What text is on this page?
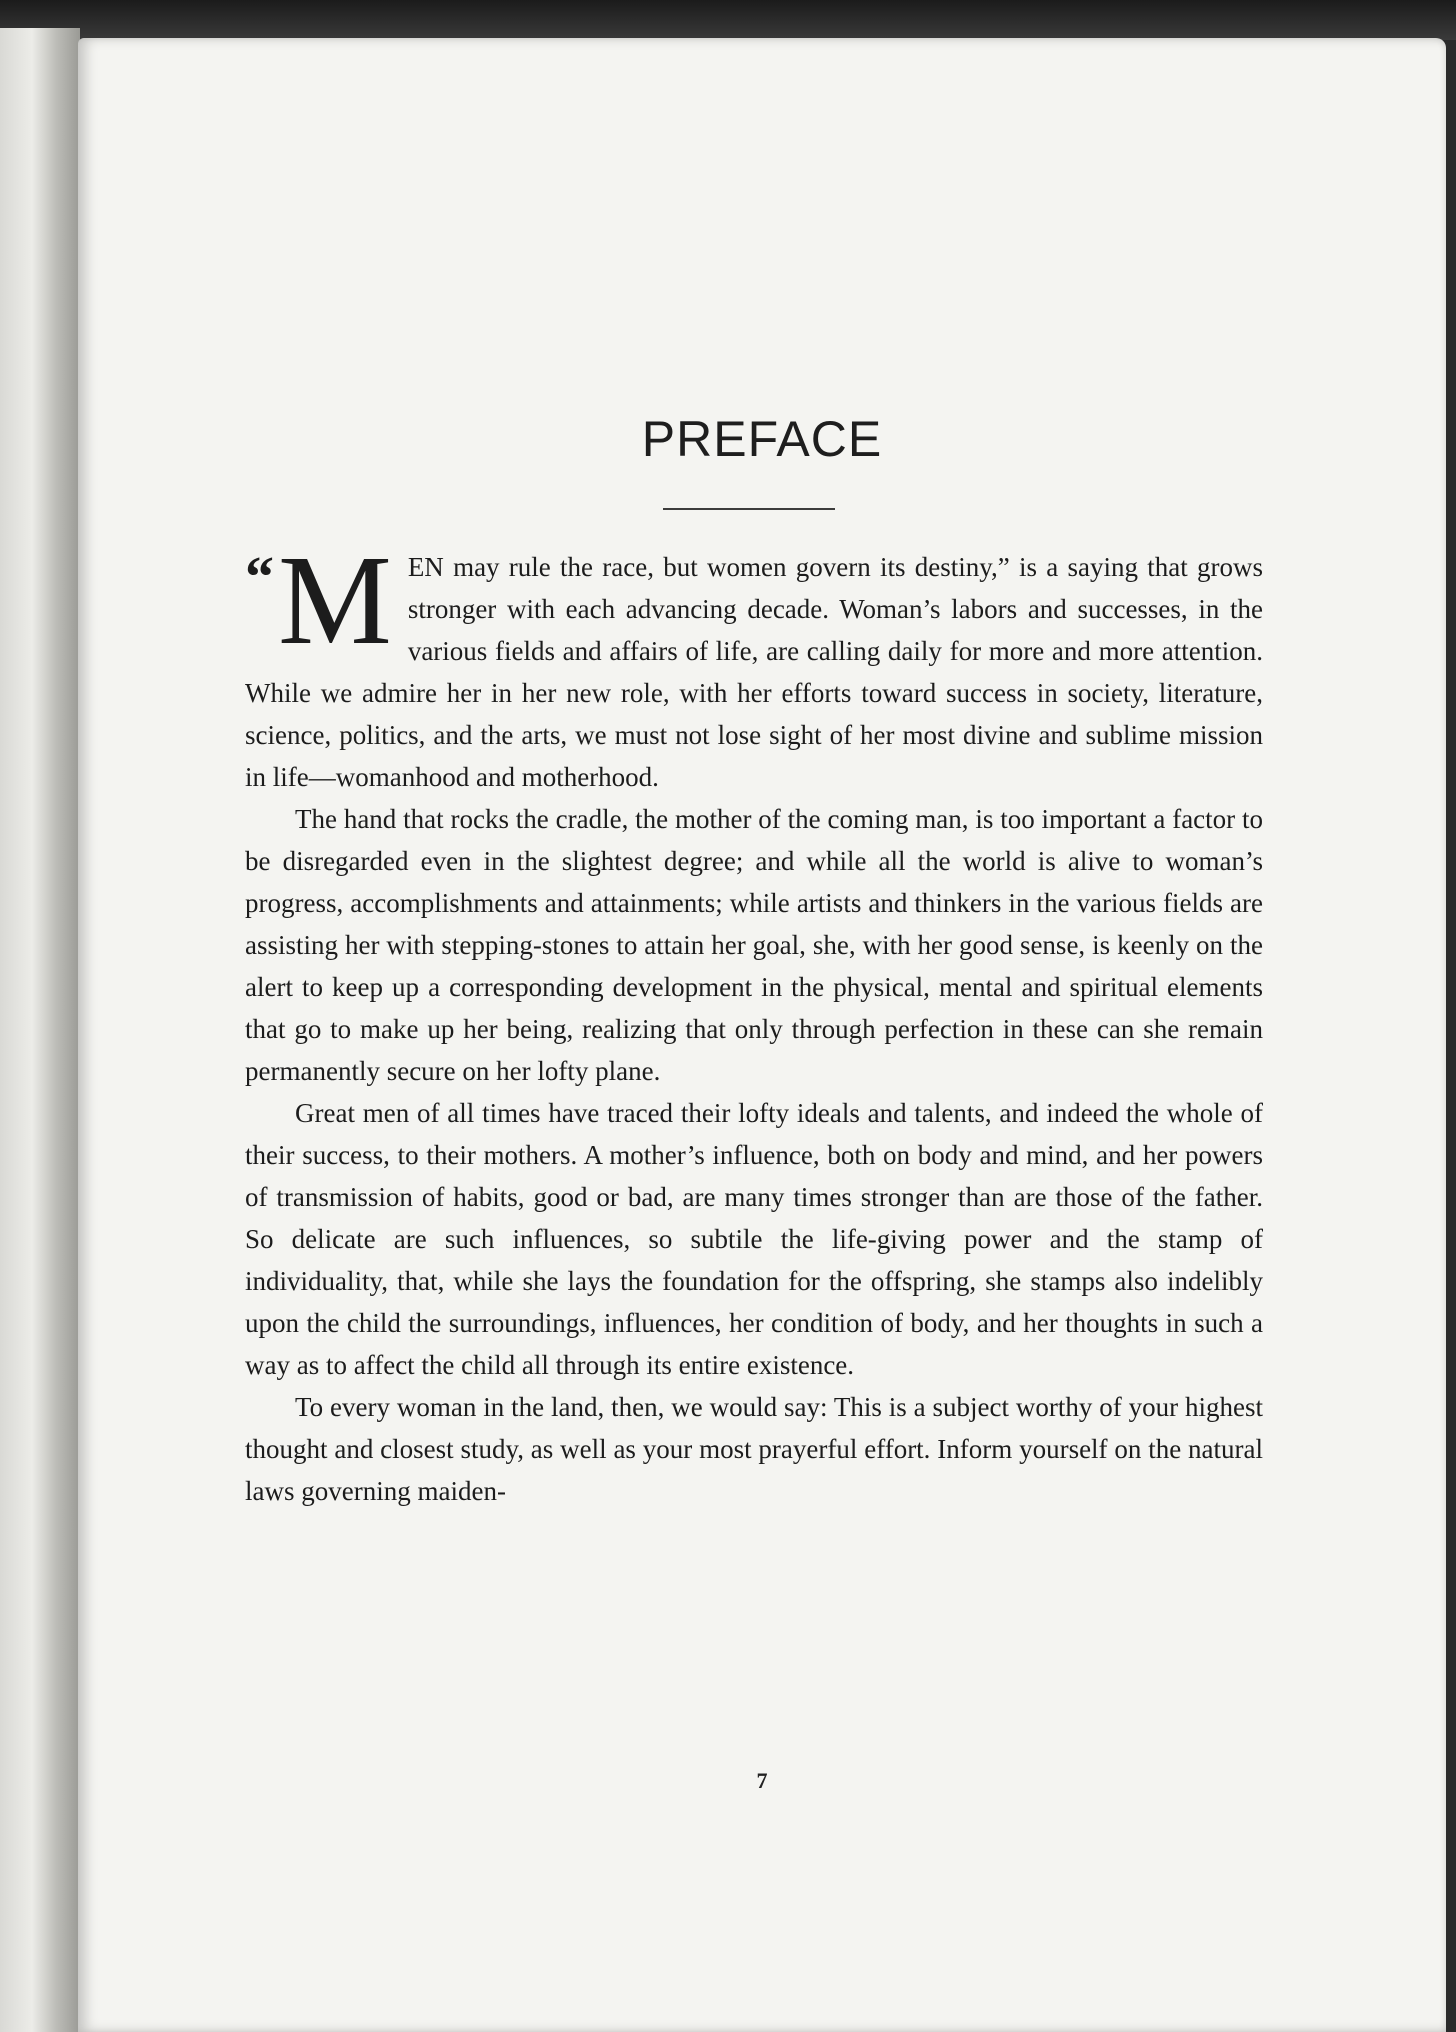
PREFACE

“ M EN may rule the race, but women govern its destiny,” is a saying that grows stronger with each advancing decade. Woman’s labors and successes, in the various fields and affairs of life, are calling daily for more and more attention. While we admire her in her new role, with her efforts toward success in society, literature, science, politics, and the arts, we must not lose sight of her most divine and sublime mission in life—womanhood and motherhood.

The hand that rocks the cradle, the mother of the coming man, is too important a factor to be disregarded even in the slightest degree; and while all the world is alive to woman’s progress, accomplishments and attainments; while artists and thinkers in the various fields are assisting her with stepping-stones to attain her goal, she, with her good sense, is keenly on the alert to keep up a corresponding development in the physical, mental and spiritual elements that go to make up her being, realizing that only through perfection in these can she remain permanently secure on her lofty plane.

Great men of all times have traced their lofty ideals and talents, and indeed the whole of their success, to their mothers. A mother’s influence, both on body and mind, and her powers of transmission of habits, good or bad, are many times stronger than are those of the father. So delicate are such influences, so subtile the life-giving power and the stamp of individuality, that, while she lays the foundation for the offspring, she stamps also indelibly upon the child the surroundings, influences, her condition of body, and her thoughts in such a way as to affect the child all through its entire existence.

To every woman in the land, then, we would say: This is a subject worthy of your highest thought and closest study, as well as your most prayerful effort. Inform yourself on the natural laws governing maiden-

7
